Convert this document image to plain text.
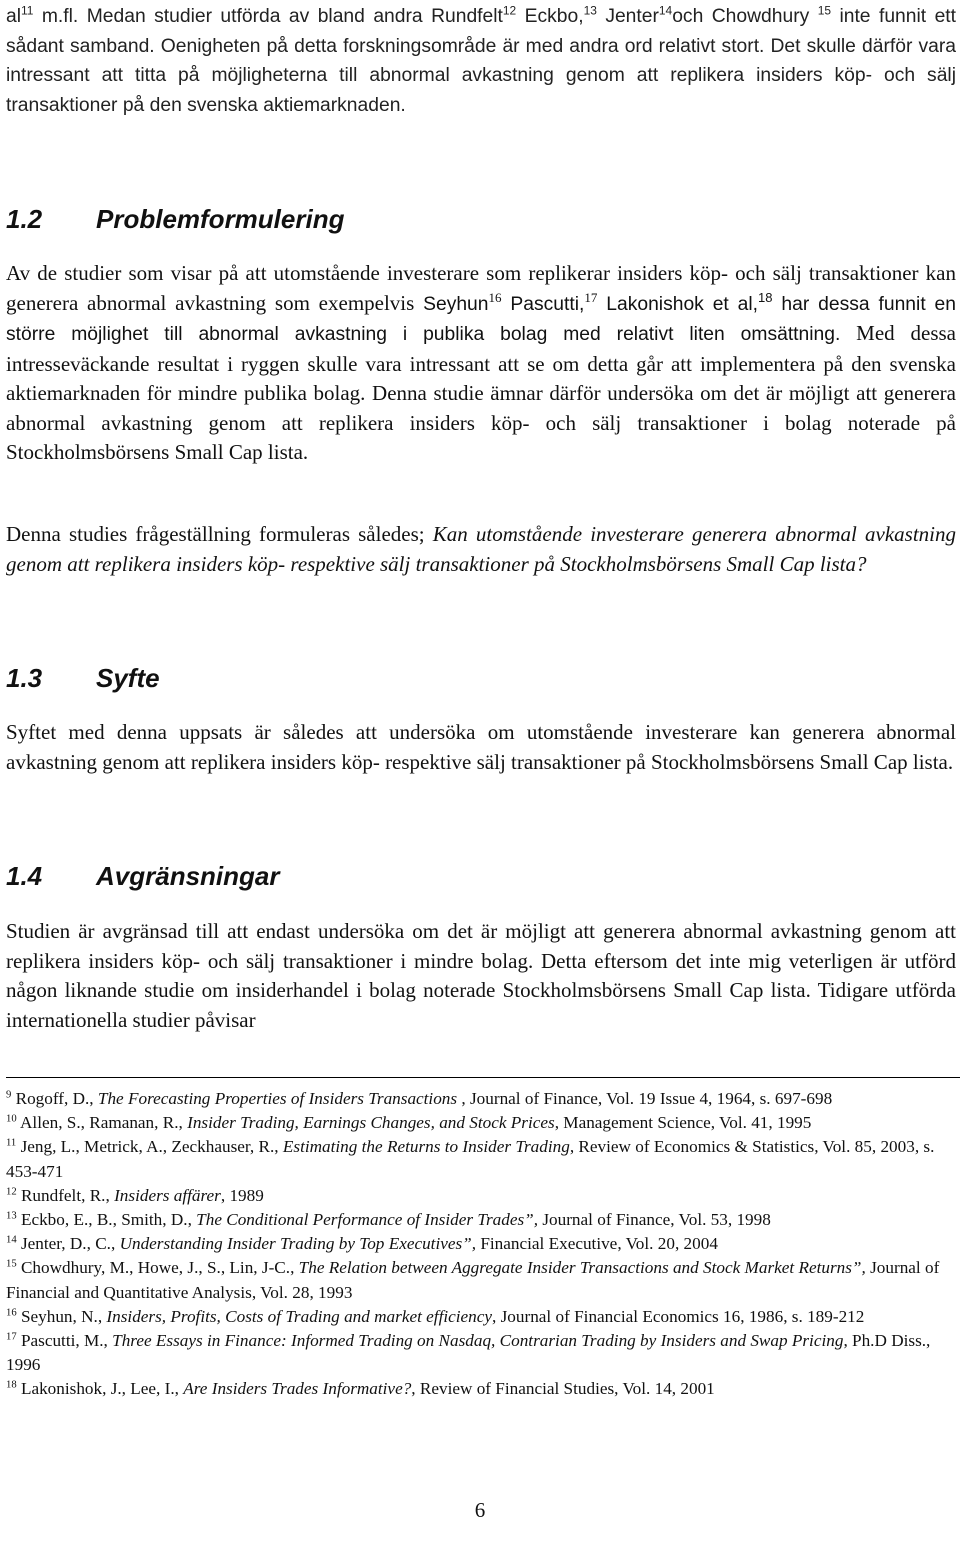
$al^{11}$ m.fl. Medan studier utförda av bland andra Rundfelt$^{12}$ Eckbo,$^{13}$ Jenter$^{14}$och Chowdhury $^{15}$ inte funnit ett sådant samband. Oenigheten på detta forskningsområde är med andra ord relativt stort. Det skulle därför vara intressant att titta på möjligheterna till abnormal avkastning genom att replikera insiders köp- och sälj transaktioner på den svenska aktiemarknaden.

1.2 Problemformulering

Av de studier som visar på att utomstående investerare som replikerar insiders köp- och sälj transaktioner kan generera abnormal avkastning som exempelvis Seyhun$^{16}$ Pascutti,$^{17}$ Lakonishok et al,$^{18}$ har dessa funnit en större möjlighet till abnormal avkastning i publika bolag med relativt liten omsättning. Med dessa intresseväckande resultat i ryggen skulle vara intressant att se om detta går att implementera på den svenska aktiemarknaden för mindre publika bolag. Denna studie ämnar därför undersöka om det är möjligt att generera abnormal avkastning genom att replikera insiders köp- och sälj transaktioner i bolag noterade på Stockholmsbörsens Small Cap lista.

Denna studies frågeställning formuleras således; Kan utomstående investerare generera abnormal avkastning genom att replikera insiders köp- respektive sälj transaktioner på Stockholmsbörsens Small Cap lista?

1.3 Syfte

Syftet med denna uppsats är således att undersöka om utomstående investerare kan generera abnormal avkastning genom att replikera insiders köp- respektive sälj transaktioner på Stockholmsbörsens Small Cap lista.

1.4 Avgränsningar

Studien är avgränsad till att endast undersöka om det är möjligt att generera abnormal avkastning genom att replikera insiders köp- och sälj transaktioner i mindre bolag. Detta eftersom det inte mig veterligen är utförd någon liknande studie om insiderhandel i bolag noterade Stockholmsbörsens Small Cap lista. Tidigare utförda internationella studier påvisar

$^9$ Rogoff, D., The Forecasting Properties of Insiders Transactions , Journal of Finance, Vol. 19 Issue 4, 1964, s. 697-698

$^{10}$ Allen, S., Ramanan, R., Insider Trading, Earnings Changes, and Stock Prices, Management Science, Vol. 41, 1995

$^{11}$ Jeng, L., Metrick, A., Zeckhauser, R., Estimating the Returns to Insider Trading, Review of Economics & Statistics, Vol. 85, 2003, s. 453-471

$^{12}$ Rundfelt, R., Insiders affärer, 1989

$^{13}$ Eckbo, E., B., Smith, D., The Conditional Performance of Insider Trades”, Journal of Finance, Vol. 53, 1998

$^{14}$ Jenter, D., C., Understanding Insider Trading by Top Executives”, Financial Executive, Vol. 20, 2004

$^{15}$ Chowdhury, M., Howe, J., S., Lin, J-C., The Relation between Aggregate Insider Transactions and Stock Market Returns”, Journal of Financial and Quantitative Analysis, Vol. 28, 1993

$^{16}$ Seyhun, N., Insiders, Profits, Costs of Trading and market efficiency, Journal of Financial Economics 16, 1986, s. 189-212

$^{17}$ Pascutti, M., Three Essays in Finance: Informed Trading on Nasdaq, Contrarian Trading by Insiders and Swap Pricing, Ph.D Diss., 1996

$^{18}$ Lakonishok, J., Lee, I., Are Insiders Trades Informative?, Review of Financial Studies, Vol. 14, 2001

6
